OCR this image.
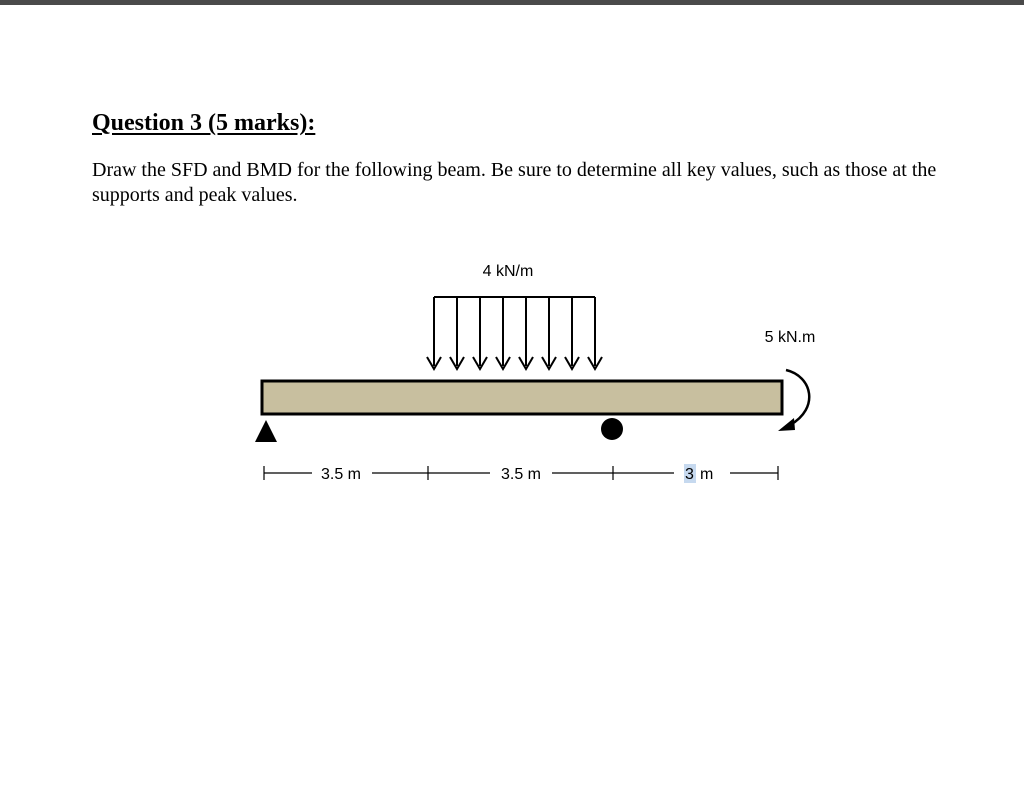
Question 3 (5 marks):

Draw the SFD and BMD for the following beam. Be sure to determine all key values, such as those at the supports and peak values.

4 kN/m
5 kN.m
3.5 m	3.5 m	3 m
